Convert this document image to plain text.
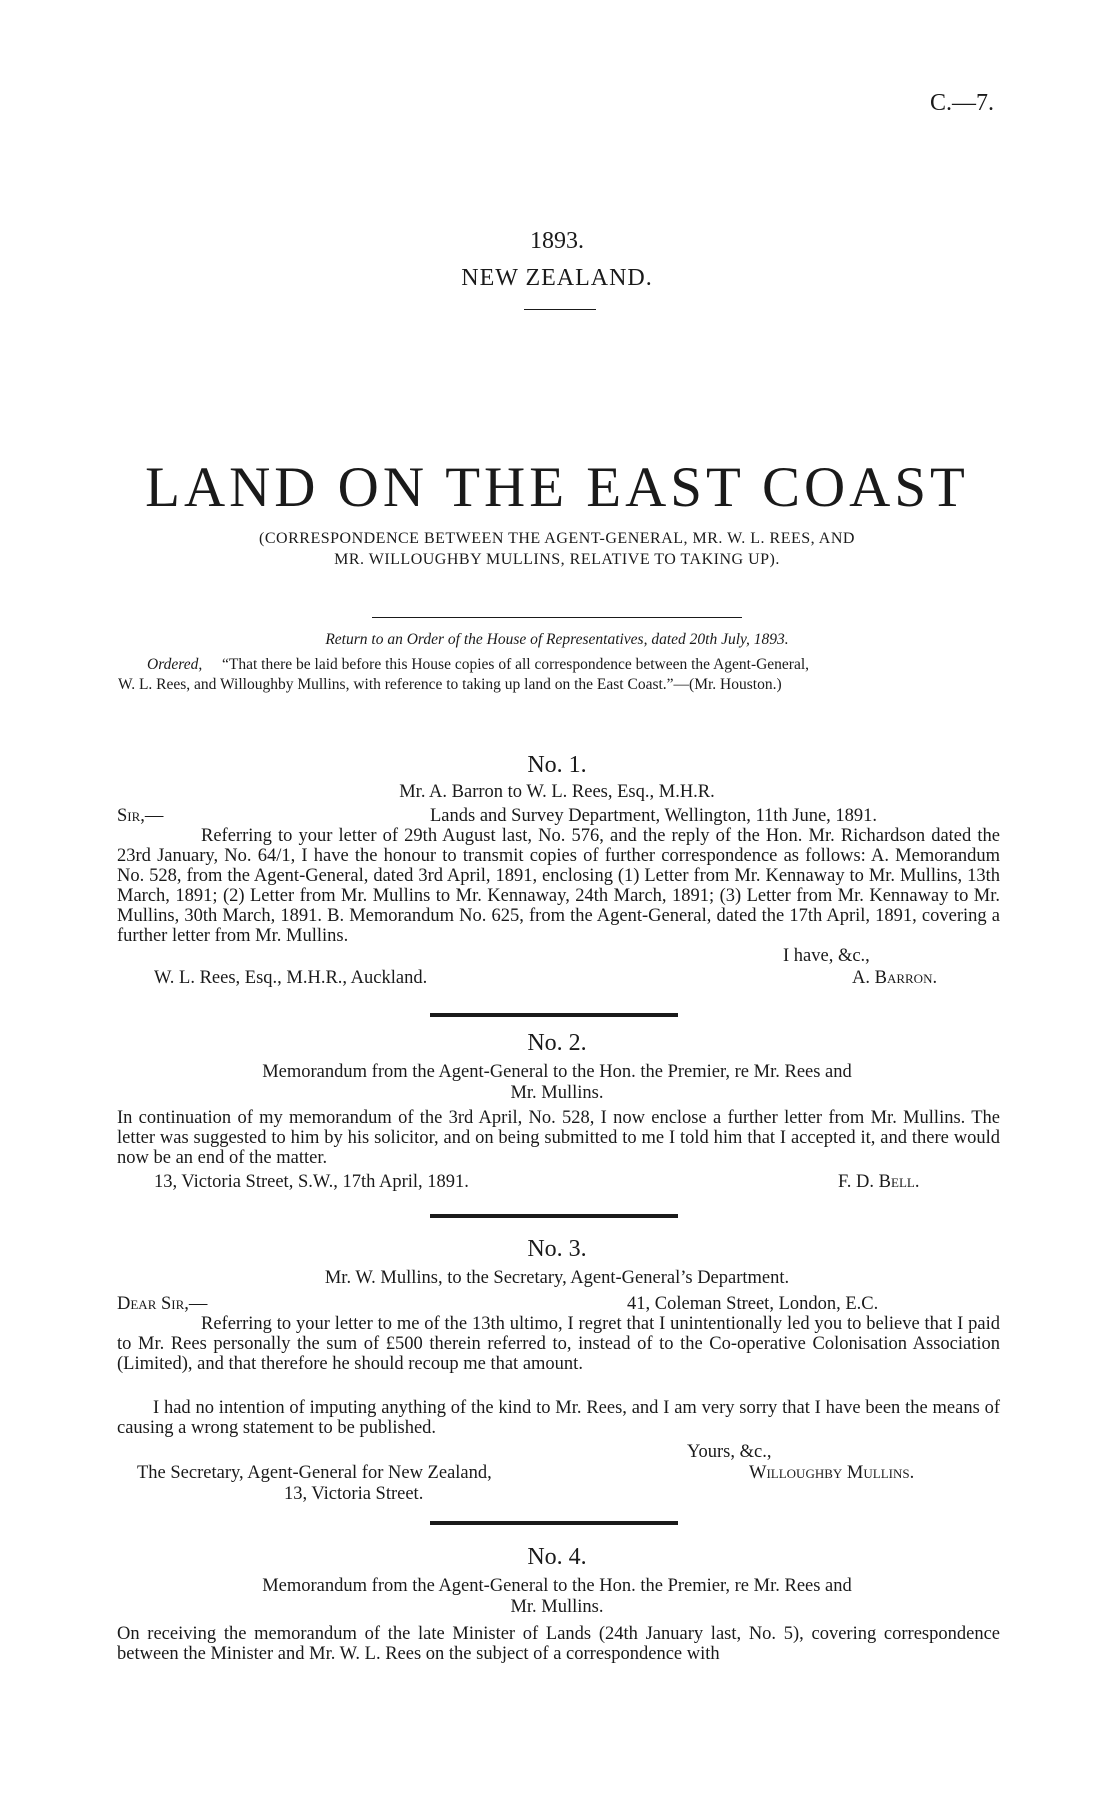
C.—7.
1893.
NEW ZEALAND.
LAND ON THE EAST COAST
(CORRESPONDENCE BETWEEN THE AGENT-GENERAL, MR. W. L. REES, AND
MR. WILLOUGHBY MULLINS, RELATIVE TO TAKING UP).
Return to an Order of the House of Representatives, dated 20th July, 1893.
Ordered, “That there be laid before this House copies of all correspondence between the Agent-General,
W. L. Rees, and Willoughby Mullins, with reference to taking up land on the East Coast.”—(Mr. Houston.)
No. 1.
Mr. A. Barron to W. L. Rees, Esq., M.H.R.
Sir,—	Lands and Survey Department, Wellington, 11th June, 1891.
Referring to your letter of 29th August last, No. 576, and the reply of the Hon. Mr. Richardson dated the 23rd January, No. 64/1, I have the honour to transmit copies of further correspondence as follows: A. Memorandum No. 528, from the Agent-General, dated 3rd April, 1891, enclosing (1) Letter from Mr. Kennaway to Mr. Mullins, 13th March, 1891; (2) Letter from Mr. Mullins to Mr. Kennaway, 24th March, 1891; (3) Letter from Mr. Kennaway to Mr. Mullins, 30th March, 1891. B. Memorandum No. 625, from the Agent-General, dated the 17th April, 1891, covering a further letter from Mr. Mullins.
I have, &c.,
W. L. Rees, Esq., M.H.R., Auckland.	A. Barron.
No. 2.
Memorandum from the Agent-General to the Hon. the Premier, re Mr. Rees and
Mr. Mullins.
In continuation of my memorandum of the 3rd April, No. 528, I now enclose a further letter from Mr. Mullins. The letter was suggested to him by his solicitor, and on being submitted to me I told him that I accepted it, and there would now be an end of the matter.
13, Victoria Street, S.W., 17th April, 1891.	F. D. Bell.
No. 3.
Mr. W. Mullins, to the Secretary, Agent-General’s Department.
Dear Sir,—	41, Coleman Street, London, E.C.
Referring to your letter to me of the 13th ultimo, I regret that I unintentionally led you to believe that I paid to Mr. Rees personally the sum of £500 therein referred to, instead of to the Co-operative Colonisation Association (Limited), and that therefore he should recoup me that amount.
I had no intention of imputing anything of the kind to Mr. Rees, and I am very sorry that I have been the means of causing a wrong statement to be published.
Yours, &c.,
The Secretary, Agent-General for New Zealand,	Willoughby Mullins.
13, Victoria Street.
No. 4.
Memorandum from the Agent-General to the Hon. the Premier, re Mr. Rees and
Mr. Mullins.
On receiving the memorandum of the late Minister of Lands (24th January last, No. 5), covering correspondence between the Minister and Mr. W. L. Rees on the subject of a correspondence with
